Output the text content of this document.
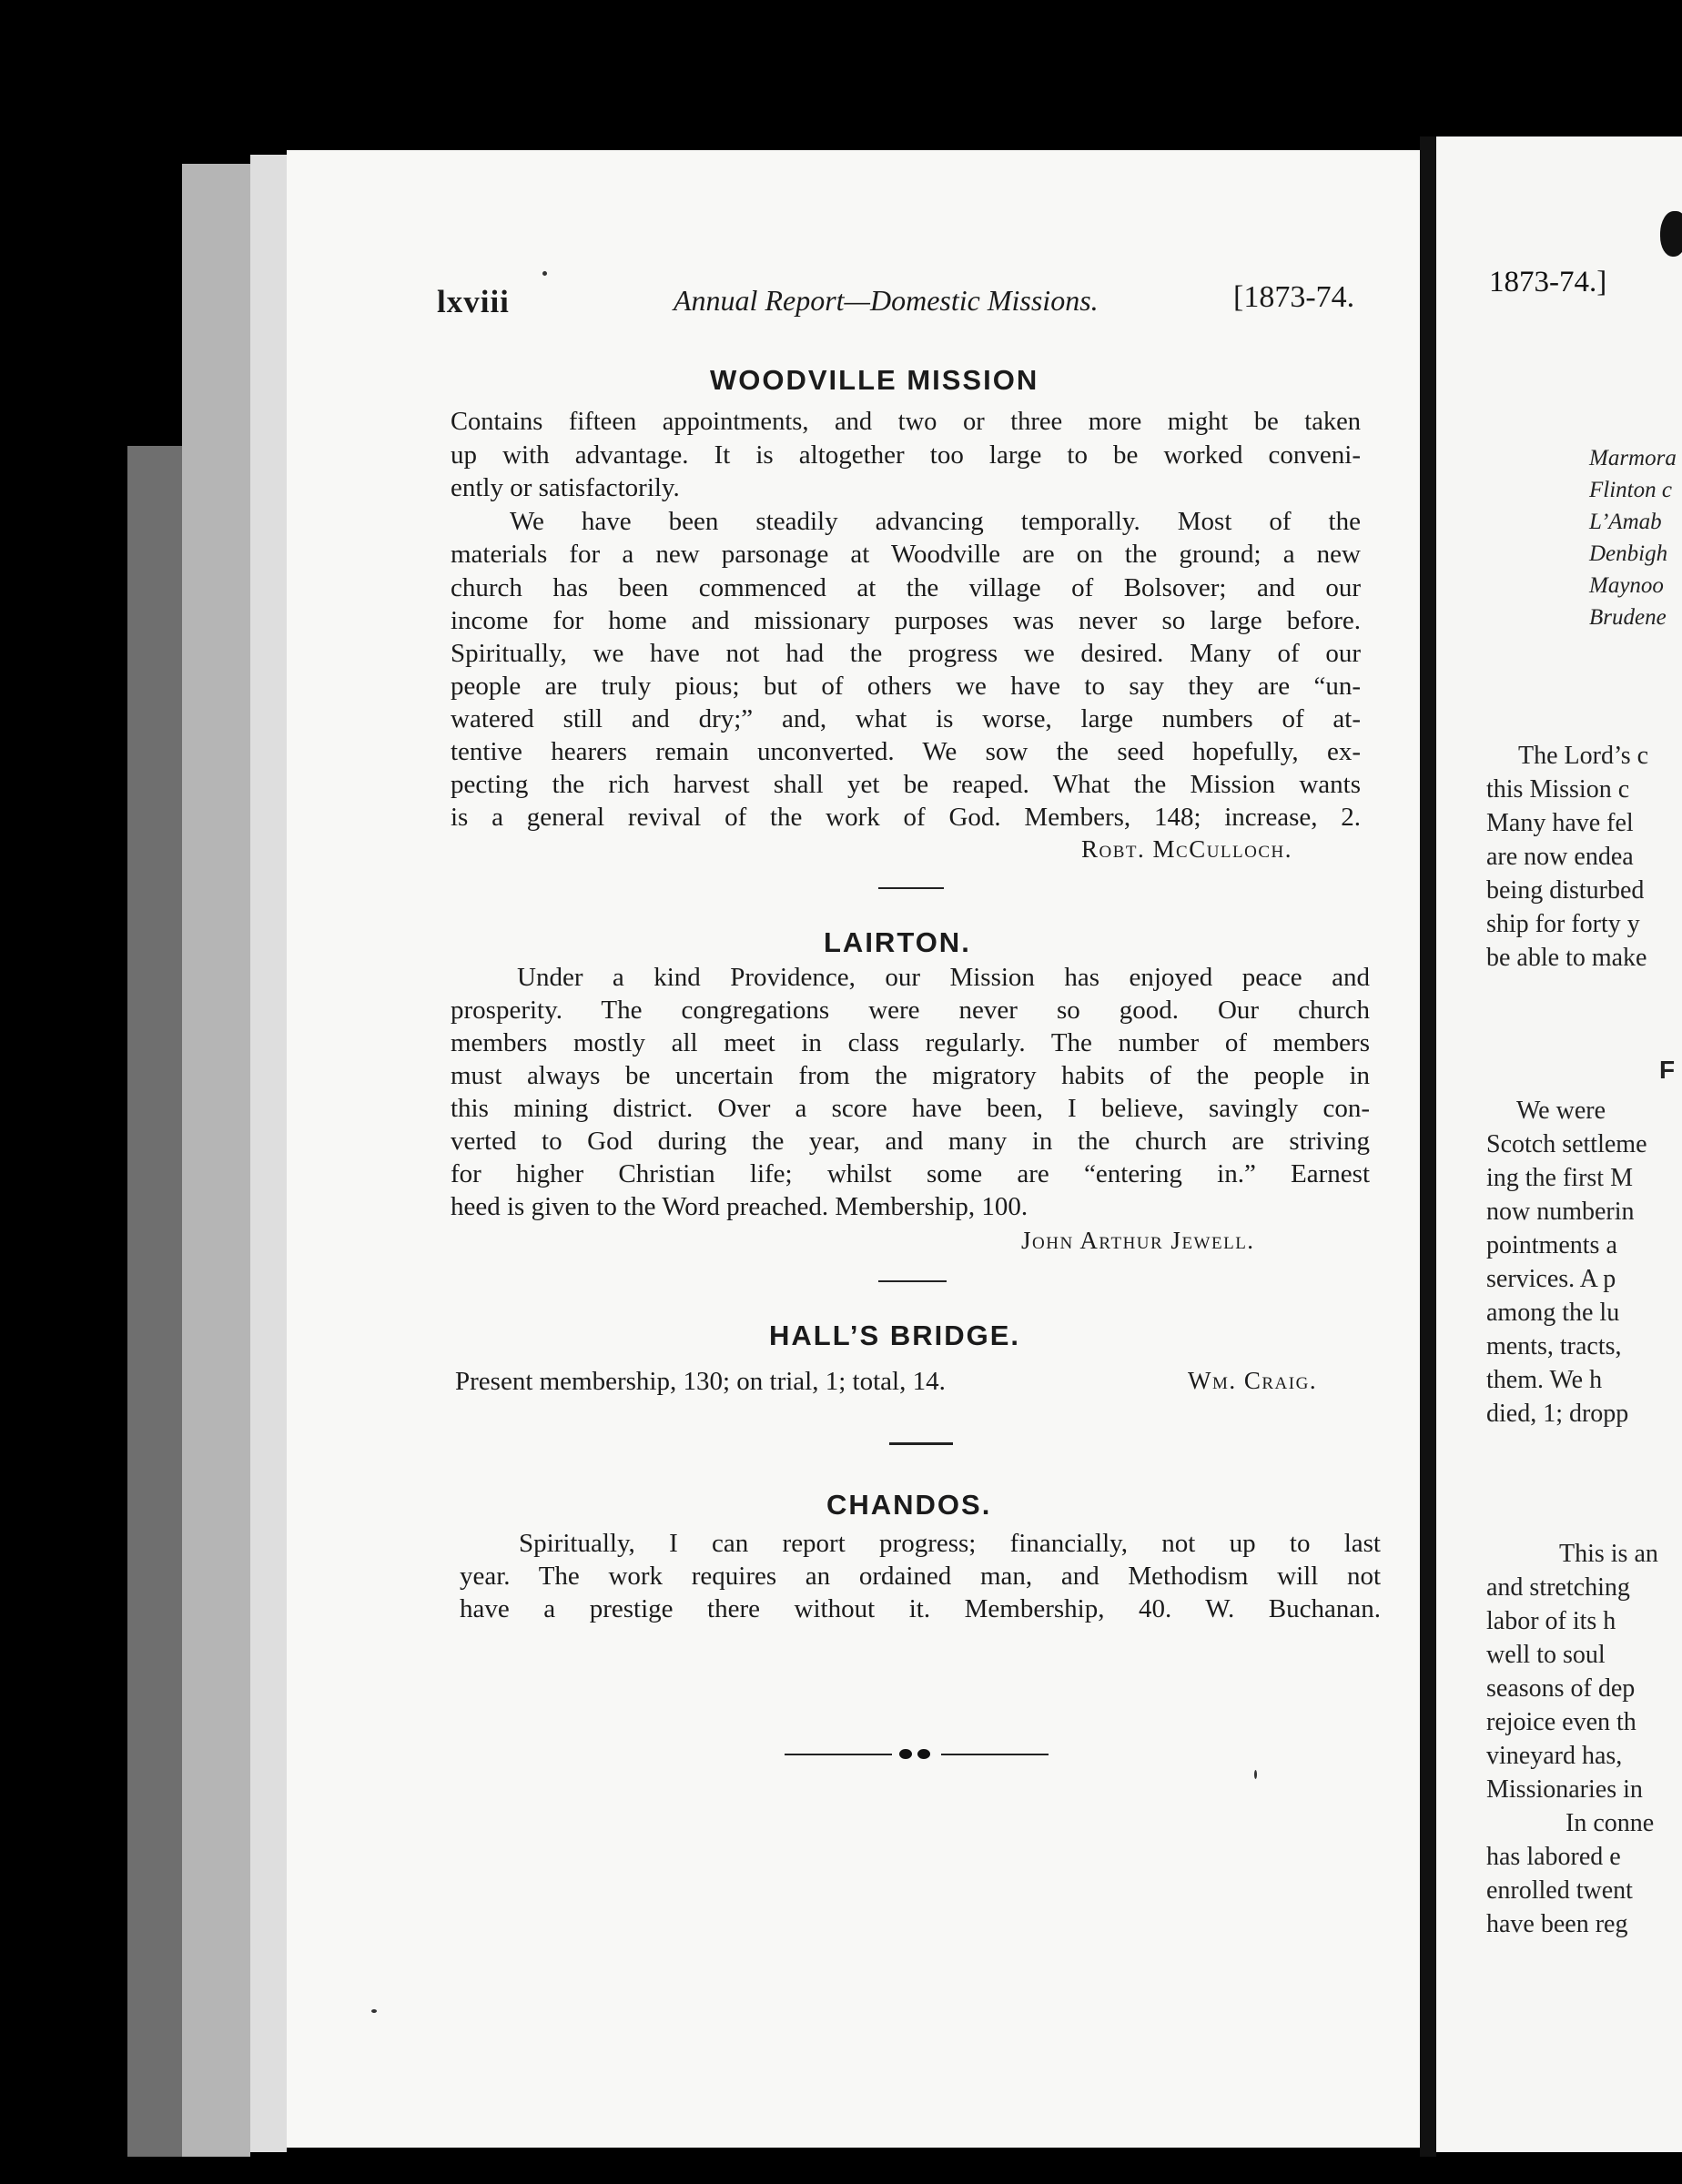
lxviii	Annual Report—Domestic Missions.	[1873-74.
WOODVILLE MISSION
Contains fifteen appointments, and two or three more might be taken
up with advantage. It is altogether too large to be worked conveni-
ently or satisfactorily.
We have been steadily advancing temporally. Most of the
materials for a new parsonage at Woodville are on the ground; a new
church has been commenced at the village of Bolsover; and our
income for home and missionary purposes was never so large before.
Spiritually, we have not had the progress we desired. Many of our
people are truly pious; but of others we have to say they are “un-
watered still and dry;” and, what is worse, large numbers of at-
tentive hearers remain unconverted. We sow the seed hopefully, ex-
pecting the rich harvest shall yet be reaped. What the Mission wants
is a general revival of the work of God. Members, 148; increase, 2.
Robt. McCulloch.
LAIRTON.
Under a kind Providence, our Mission has enjoyed peace and
prosperity. The congregations were never so good. Our church
members mostly all meet in class regularly. The number of members
must always be uncertain from the migratory habits of the people in
this mining district. Over a score have been, I believe, savingly con-
verted to God during the year, and many in the church are striving
for higher Christian life; whilst some are “entering in.” Earnest
heed is given to the Word preached. Membership, 100.
John Arthur Jewell.
HALL’S BRIDGE.
Present membership, 130; on trial, 1; total, 14.	Wm. Craig.
CHANDOS.
Spiritually, I can report progress; financially, not up to last
year. The work requires an ordained man, and Methodism will not
have a prestige there without it. Membership, 40. W. Buchanan.
1873-74.]
Marmora
Flinton c
L’Amab
Denbigh
Maynoo
Brudene
The Lord’s c
this Mission c
Many have fel
are now endea
being disturbed
ship for forty y
be able to make
F
We were
Scotch settleme
ing the first M
now numberin
pointments a
services. A p
among the lu
ments, tracts,
them. We h
died, 1; dropp
This is an
and stretching
labor of its h
well to soul
seasons of dep
rejoice even th
vineyard has,
Missionaries in
In conne
has labored e
enrolled twent
have been reg
